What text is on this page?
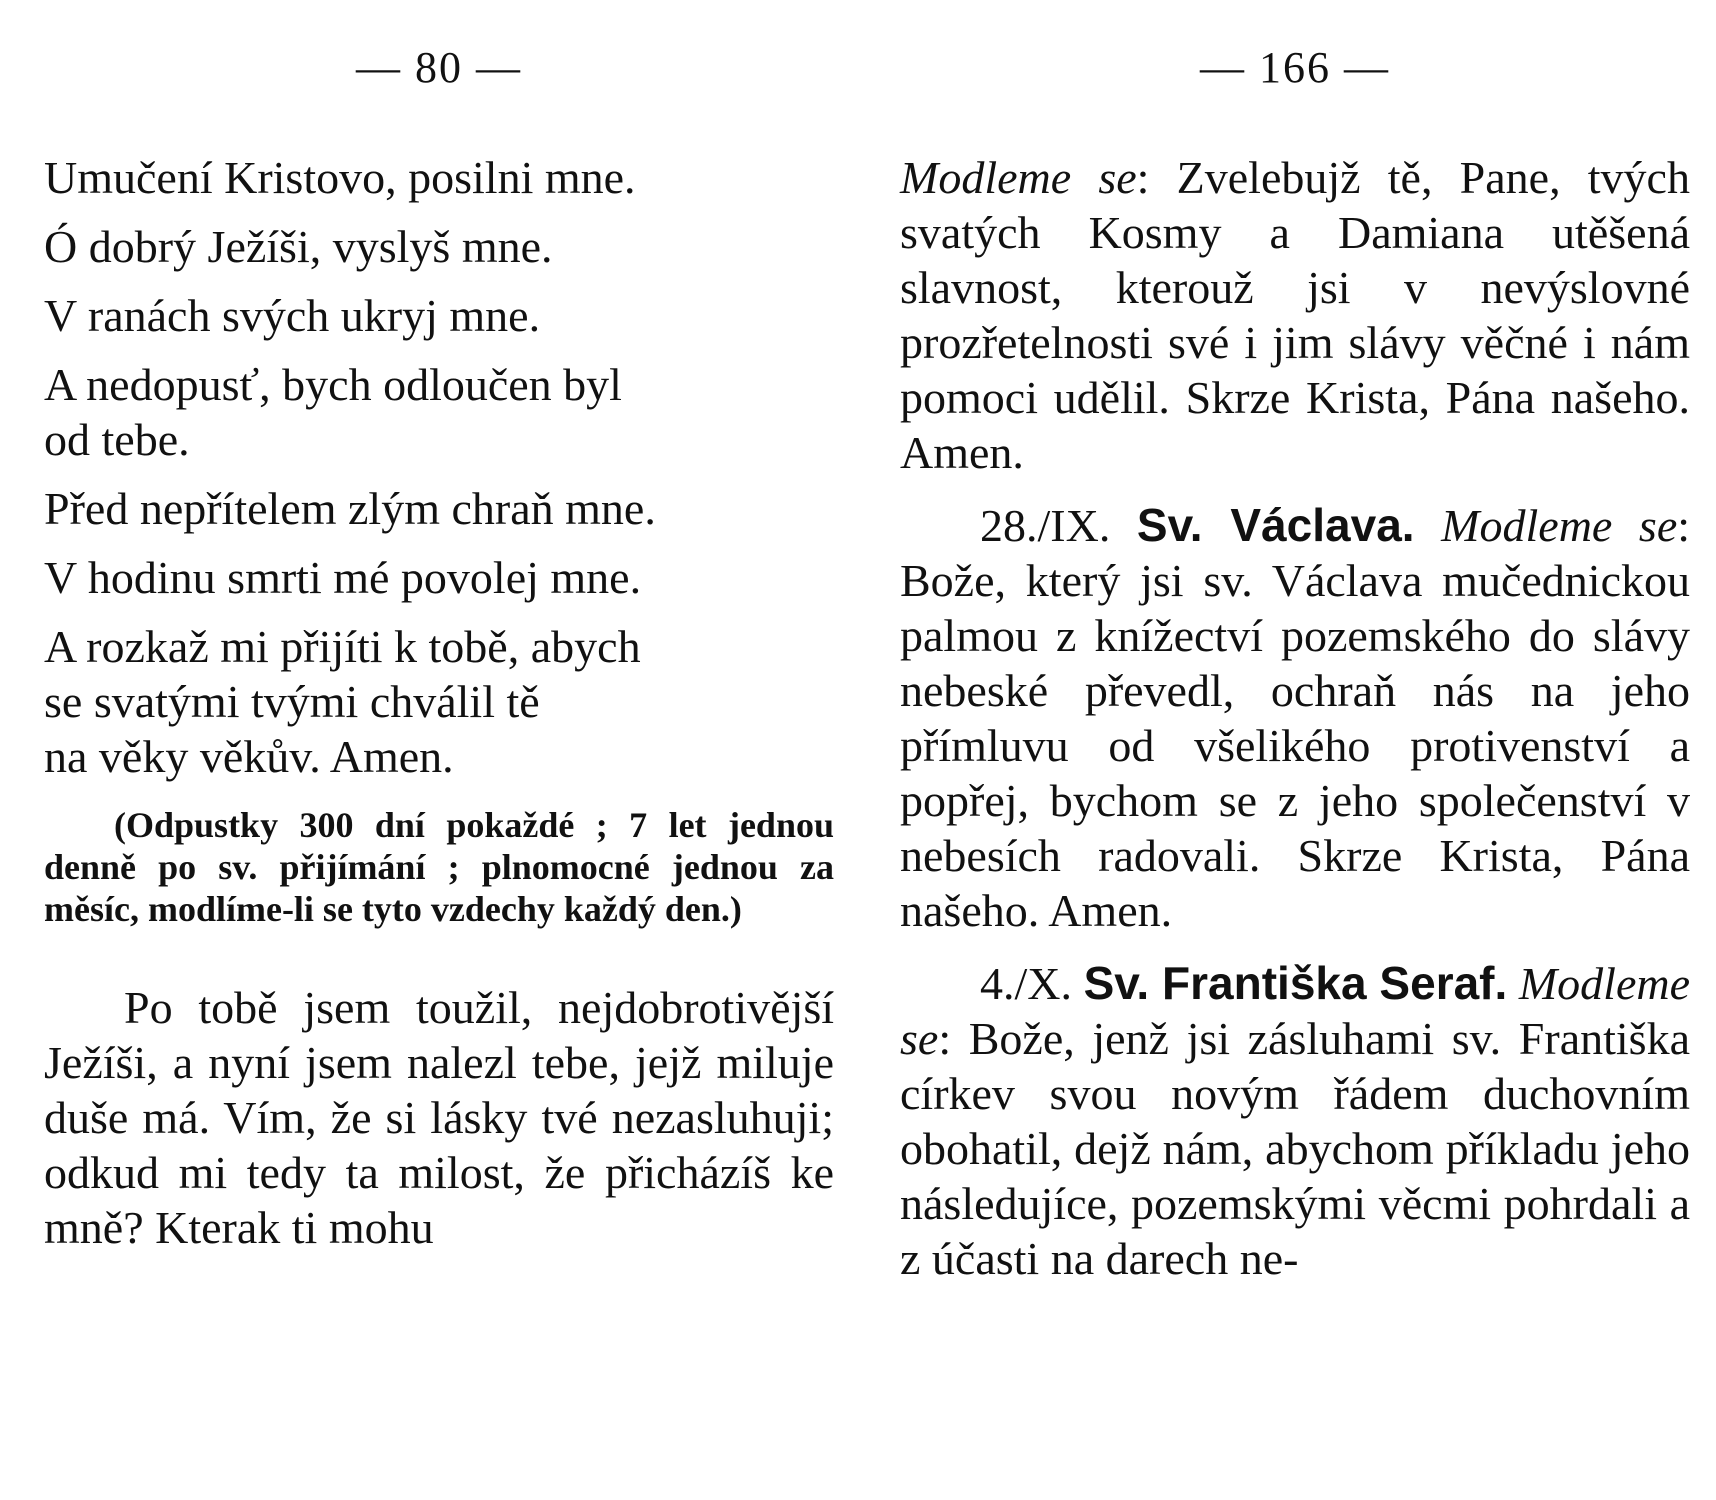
— 80 —

Umučení Kristovo, posilni mne.

Ó dobrý Ježíši, vyslyš mne.

V ranách svých ukryj mne.

A nedopusť, bych odloučen byl
od tebe.

Před nepřítelem zlým chraň mne.

V hodinu smrti mé povolej mne.

A rozkaž mi přijíti k tobě, abych
se svatými tvými chválil tě
na věky věkův. Amen.

(Odpustky 300 dní pokaždé ; 7 let jednou denně po sv. přijímání ; plnomocné jednou za měsíc, modlíme-li se tyto vzdechy každý den.)

Po tobě jsem toužil, nejdobrotivější Ježíši, a nyní jsem nalezl tebe, jejž miluje duše má. Vím, že si lásky tvé nezasluhuji; odkud mi tedy ta milost, že přicházíš ke mně? Kterak ti mohu

— 166 —

Modleme se: Zvelebujž tě, Pane, tvých svatých Kosmy a Damiana utěšená slavnost, kterouž jsi v nevýslovné prozřetelnosti své i jim slávy věčné i nám pomoci udělil. Skrze Krista, Pána našeho. Amen.

28./IX. Sv. Václava. Modleme se: Bože, který jsi sv. Václava mučednickou palmou z knížectví pozemského do slávy nebeské převedl, ochraň nás na jeho přímluvu od všelikého protivenství a popřej, bychom se z jeho společenství v nebesích radovali. Skrze Krista, Pána našeho. Amen.

4./X. Sv. Františka Seraf. Modleme se: Bože, jenž jsi zásluhami sv. Františka církev svou novým řádem duchovním obohatil, dejž nám, abychom příkladu jeho následujíce, pozemskými věcmi pohrdali a z účasti na darech ne-
